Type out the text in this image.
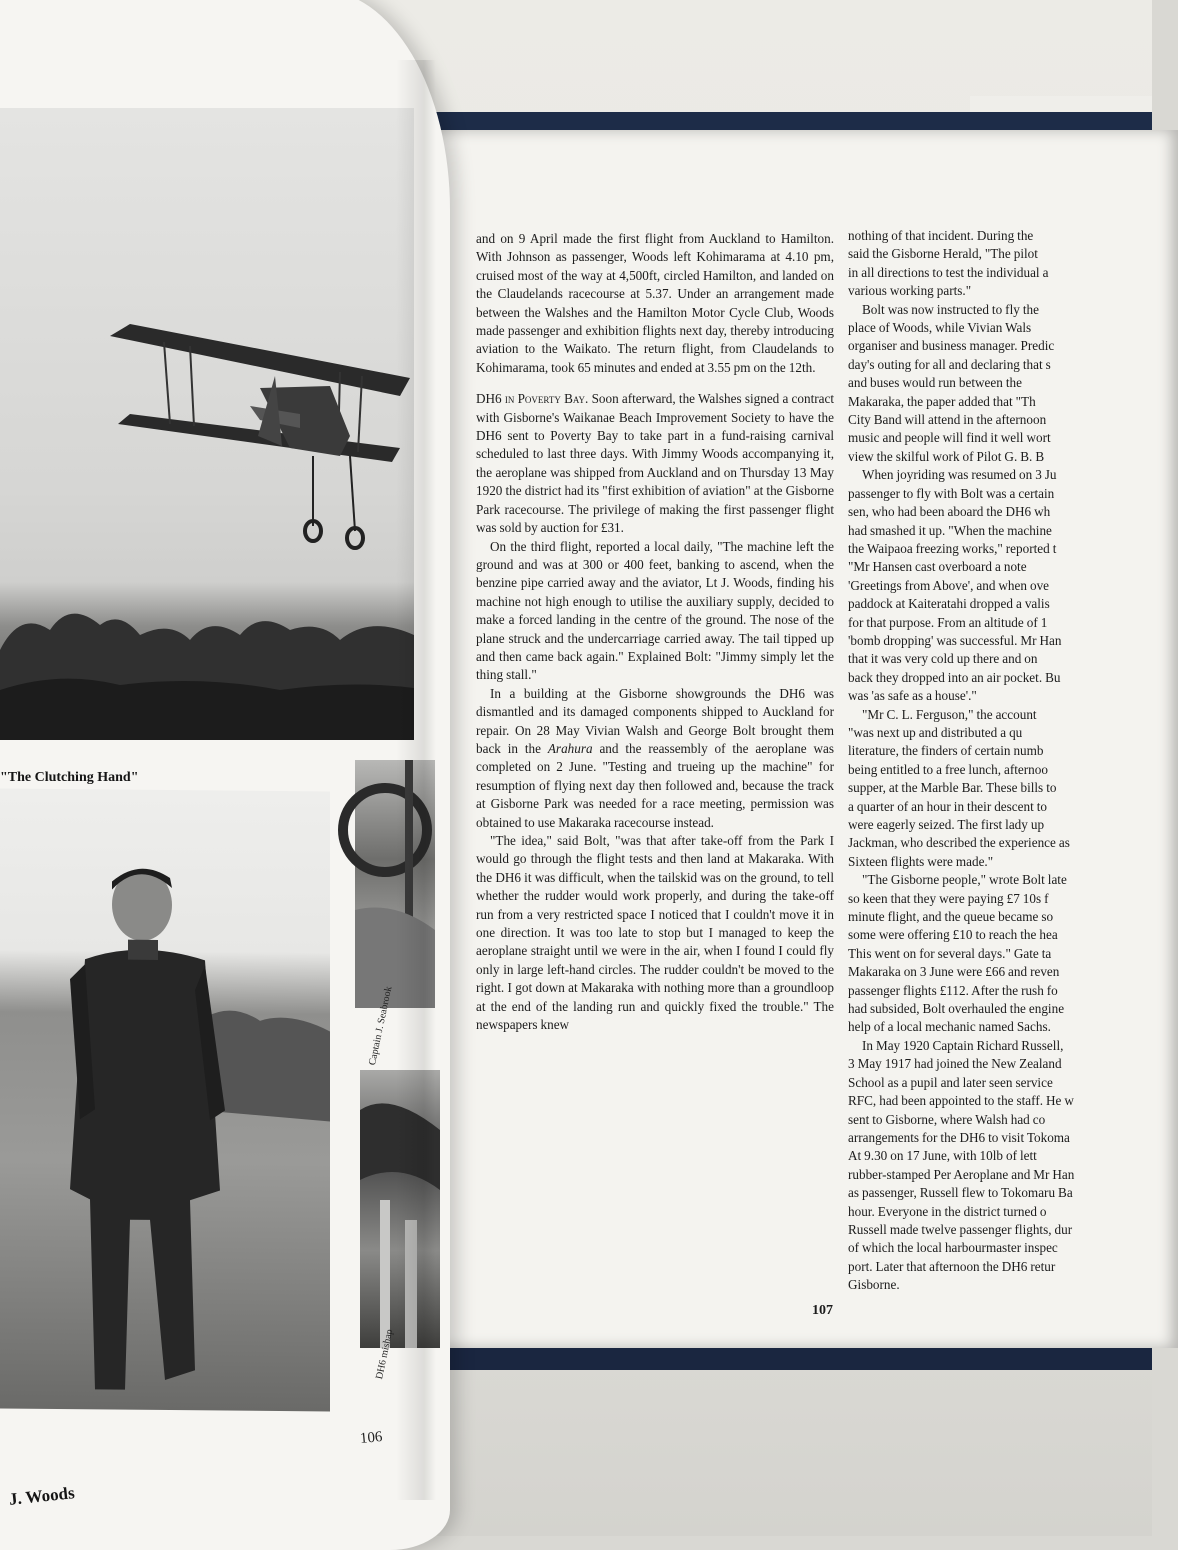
and on 9 April made the first flight from Auckland to Hamilton. With Johnson as passenger, Woods left Kohimarama at 4.10 pm, cruised most of the way at 4,500ft, circled Hamilton, and landed on the Claudelands racecourse at 5.37. Under an arrangement made between the Walshes and the Hamilton Motor Cycle Club, Woods made passenger and exhibition flights next day, thereby introducing aviation to the Waikato. The return flight, from Claudelands to Kohimarama, took 65 minutes and ended at 3.55 pm on the 12th.

DH6 in Poverty Bay. Soon afterward, the Walshes signed a contract with Gisborne's Waikanae Beach Improvement Society to have the DH6 sent to Poverty Bay to take part in a fund-raising carnival scheduled to last three days. With Jimmy Woods accompanying it, the aeroplane was shipped from Auckland and on Thursday 13 May 1920 the district had its "first exhibition of aviation" at the Gisborne Park racecourse. The privilege of making the first passenger flight was sold by auction for £31.

On the third flight, reported a local daily, "The machine left the ground and was at 300 or 400 feet, banking to ascend, when the benzine pipe carried away and the aviator, Lt J. Woods, finding his machine not high enough to utilise the auxiliary supply, decided to make a forced landing in the centre of the ground. The nose of the plane struck and the undercarriage carried away. The tail tipped up and then came back again." Explained Bolt: "Jimmy simply let the thing stall."

In a building at the Gisborne showgrounds the DH6 was dismantled and its damaged components shipped to Auckland for repair. On 28 May Vivian Walsh and George Bolt brought them back in the Arahura and the reassembly of the aeroplane was completed on 2 June. "Testing and trueing up the machine" for resumption of flying next day then followed and, because the track at Gisborne Park was needed for a race meeting, permission was obtained to use Makaraka racecourse instead.

"The idea," said Bolt, "was that after take-off from the Park I would go through the flight tests and then land at Makaraka. With the DH6 it was difficult, when the tailskid was on the ground, to tell whether the rudder would work properly, and during the take-off run from a very restricted space I noticed that I couldn't move it in one direction. It was too late to stop but I managed to keep the aeroplane straight until we were in the air, when I found I could fly only in large left-hand circles. The rudder couldn't be moved to the right. I got down at Makaraka with nothing more than a groundloop at the end of the landing run and quickly fixed the trouble." The newspapers knew

nothing of that incident. During the
said the Gisborne Herald, "The pilot
in all directions to test the individual a
various working parts."
Bolt was now instructed to fly the
place of Woods, while Vivian Wals
organiser and business manager. Predic
day's outing for all and declaring that s
and buses would run between the
Makaraka, the paper added that "Th
City Band will attend in the afternoon
music and people will find it well wort
view the skilful work of Pilot G. B. B
When joyriding was resumed on 3 Ju
passenger to fly with Bolt was a certain
sen, who had been aboard the DH6 wh
had smashed it up. "When the machine
the Waipaoa freezing works," reported t
"Mr Hansen cast overboard a note
'Greetings from Above', and when ove
paddock at Kaiteratahi dropped a valis
for that purpose. From an altitude of 1
'bomb dropping' was successful. Mr Han
that it was very cold up there and on
back they dropped into an air pocket. Bu
was 'as safe as a house'."
"Mr C. L. Ferguson," the account
"was next up and distributed a qu
literature, the finders of certain numb
being entitled to a free lunch, afternoo
supper, at the Marble Bar. These bills to
a quarter of an hour in their descent to
were eagerly seized. The first lady up
Jackman, who described the experience as
Sixteen flights were made."
"The Gisborne people," wrote Bolt late
so keen that they were paying £7 10s f
minute flight, and the queue became so
some were offering £10 to reach the hea
This went on for several days." Gate ta
Makaraka on 3 June were £66 and reven
passenger flights £112. After the rush fo
had subsided, Bolt overhauled the engine
help of a local mechanic named Sachs.
In May 1920 Captain Richard Russell,
3 May 1917 had joined the New Zealand
School as a pupil and later seen service
RFC, had been appointed to the staff. He w
sent to Gisborne, where Walsh had co
arrangements for the DH6 to visit Tokoma
At 9.30 on 17 June, with 10lb of lett
rubber-stamped Per Aeroplane and Mr Han
as passenger, Russell flew to Tokomaru Ba
hour. Everyone in the district turned o
Russell made twelve passenger flights, dur
of which the local harbourmaster inspec
port. Later that afternoon the DH6 retur
Gisborne.
107
"The Clutching Hand"
Captain J. Seabrook
DH6 mishap
J. Woods
106
